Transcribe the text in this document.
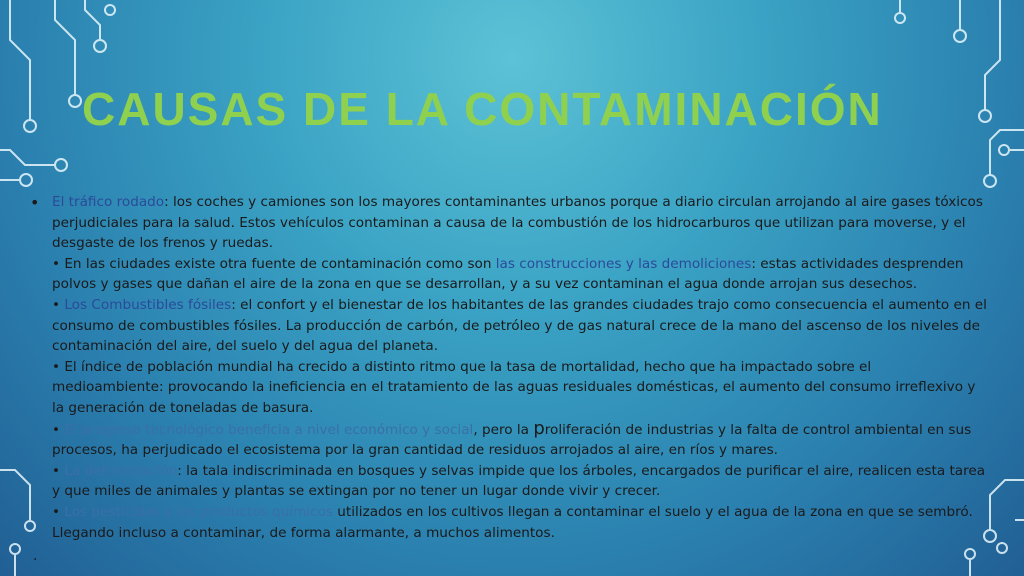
CAUSAS DE LA CONTAMINACIÓN
• El tráfico rodado: los coches y camiones son los mayores contaminantes urbanos porque a diario circulan arrojando al aire gases tóxicos perjudiciales para la salud. Estos vehículos contaminan a causa de la combustión de los hidrocarburos que utilizan para moverse, y el desgaste de los frenos y ruedas.

• En las ciudades existe otra fuente de contaminación como son las construcciones y las demoliciones: estas actividades desprenden polvos y gases que dañan el aire de la zona en que se desarrollan, y a su vez contaminan el agua donde arrojan sus desechos.

• Los Combustibles fósiles: el confort y el bienestar de los habitantes de las grandes ciudades trajo como consecuencia el aumento en el consumo de combustibles fósiles. La producción de carbón, de petróleo y de gas natural crece de la mano del ascenso de los niveles de contaminación del aire, del suelo y del agua del planeta.

• El índice de población mundial ha crecido a distinto ritmo que la tasa de mortalidad, hecho que ha impactado sobre el medioambiente: provocando la ineficiencia en el tratamiento de las aguas residuales domésticas, el aumento del consumo irreflexivo y la generación de toneladas de basura.

• El progreso tecnológico beneficia a nivel económico y social, pero la proliferación de industrias y la falta de control ambiental en sus procesos, ha perjudicado el ecosistema por la gran cantidad de residuos arrojados al aire, en ríos y mares.

• La deforestación: la tala indiscriminada en bosques y selvas impide que los árboles, encargados de purificar el aire, realicen esta tarea y que miles de animales y plantas se extingan por no tener un lugar donde vivir y crecer.

• Los pesticidas y los productos químicos utilizados en los cultivos llegan a contaminar el suelo y el agua de la zona en que se sembró. Llegando incluso a contaminar, de forma alarmante, a muchos alimentos.

.
